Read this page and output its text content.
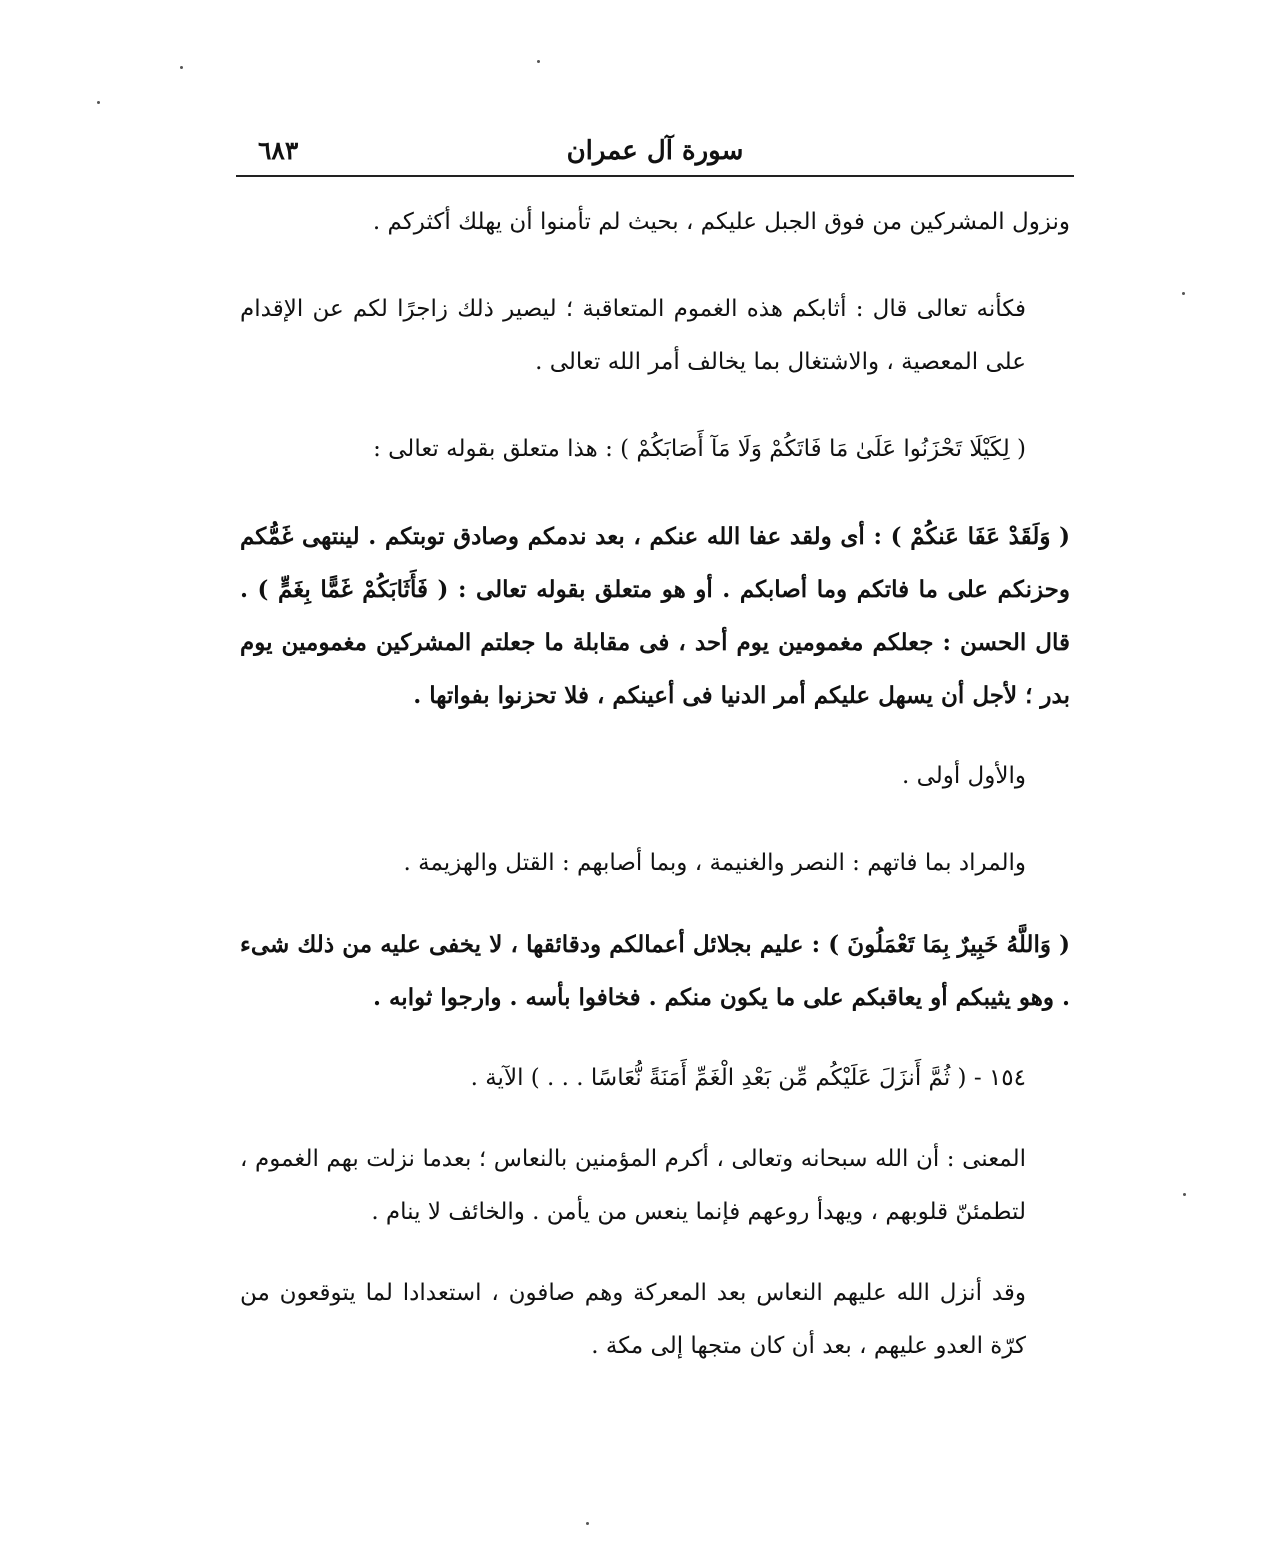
سورة آل عمران
٦٨٣

ونزول المشركين من فوق الجبل عليكم ، بحيث لم تأمنوا أن يهلك أكثركم .

فكأنه تعالى قال : أثابكم هذه الغموم المتعاقبة ؛ ليصير ذلك زاجرًا لكم عن الإقدام على المعصية ، والاشتغال بما يخالف أمر الله تعالى .

( لِكَيْلَا تَحْزَنُوا عَلَىٰ مَا فَاتَكُمْ وَلَا مَآ أَصَابَكُمْ ) : هذا متعلق بقوله تعالى :

( وَلَقَدْ عَفَا عَنكُمْ ) : أى ولقد عفا الله عنكم ، بعد ندمكم وصادق توبتكم . لينتهى غَمُّكم وحزنكم على ما فاتكم وما أصابكم . أو هو متعلق بقوله تعالى : ( فَأَثَابَكُمْ غَمًّا بِغَمٍّ ) . قال الحسن : جعلكم مغمومين يوم أحد ، فى مقابلة ما جعلتم المشركين مغمومين يوم بدر ؛ لأجل أن يسهل عليكم أمر الدنيا فى أعينكم ، فلا تحزنوا بفواتها .

والأول أولى .

والمراد بما فاتهم : النصر والغنيمة ، وبما أصابهم : القتل والهزيمة .

( وَاللَّهُ خَبِيرٌ بِمَا تَعْمَلُونَ ) : عليم بجلائل أعمالكم ودقائقها ، لا يخفى عليه من ذلك شىء . وهو يثيبكم أو يعاقبكم على ما يكون منكم . فخافوا بأسه . وارجوا ثوابه .

١٥٤ - ( ثُمَّ أَنزَلَ عَلَيْكُم مِّن بَعْدِ الْغَمِّ أَمَنَةً نُّعَاسًا . . . ) الآية .

المعنى : أن الله سبحانه وتعالى ، أكرم المؤمنين بالنعاس ؛ بعدما نزلت بهم الغموم ، لتطمئنّ قلوبهم ، ويهدأ روعهم فإنما ينعس من يأمن . والخائف لا ينام .

وقد أنزل الله عليهم النعاس بعد المعركة وهم صافون ، استعدادا لما يتوقعون من كرّة العدو عليهم ، بعد أن كان متجها إلى مكة .
